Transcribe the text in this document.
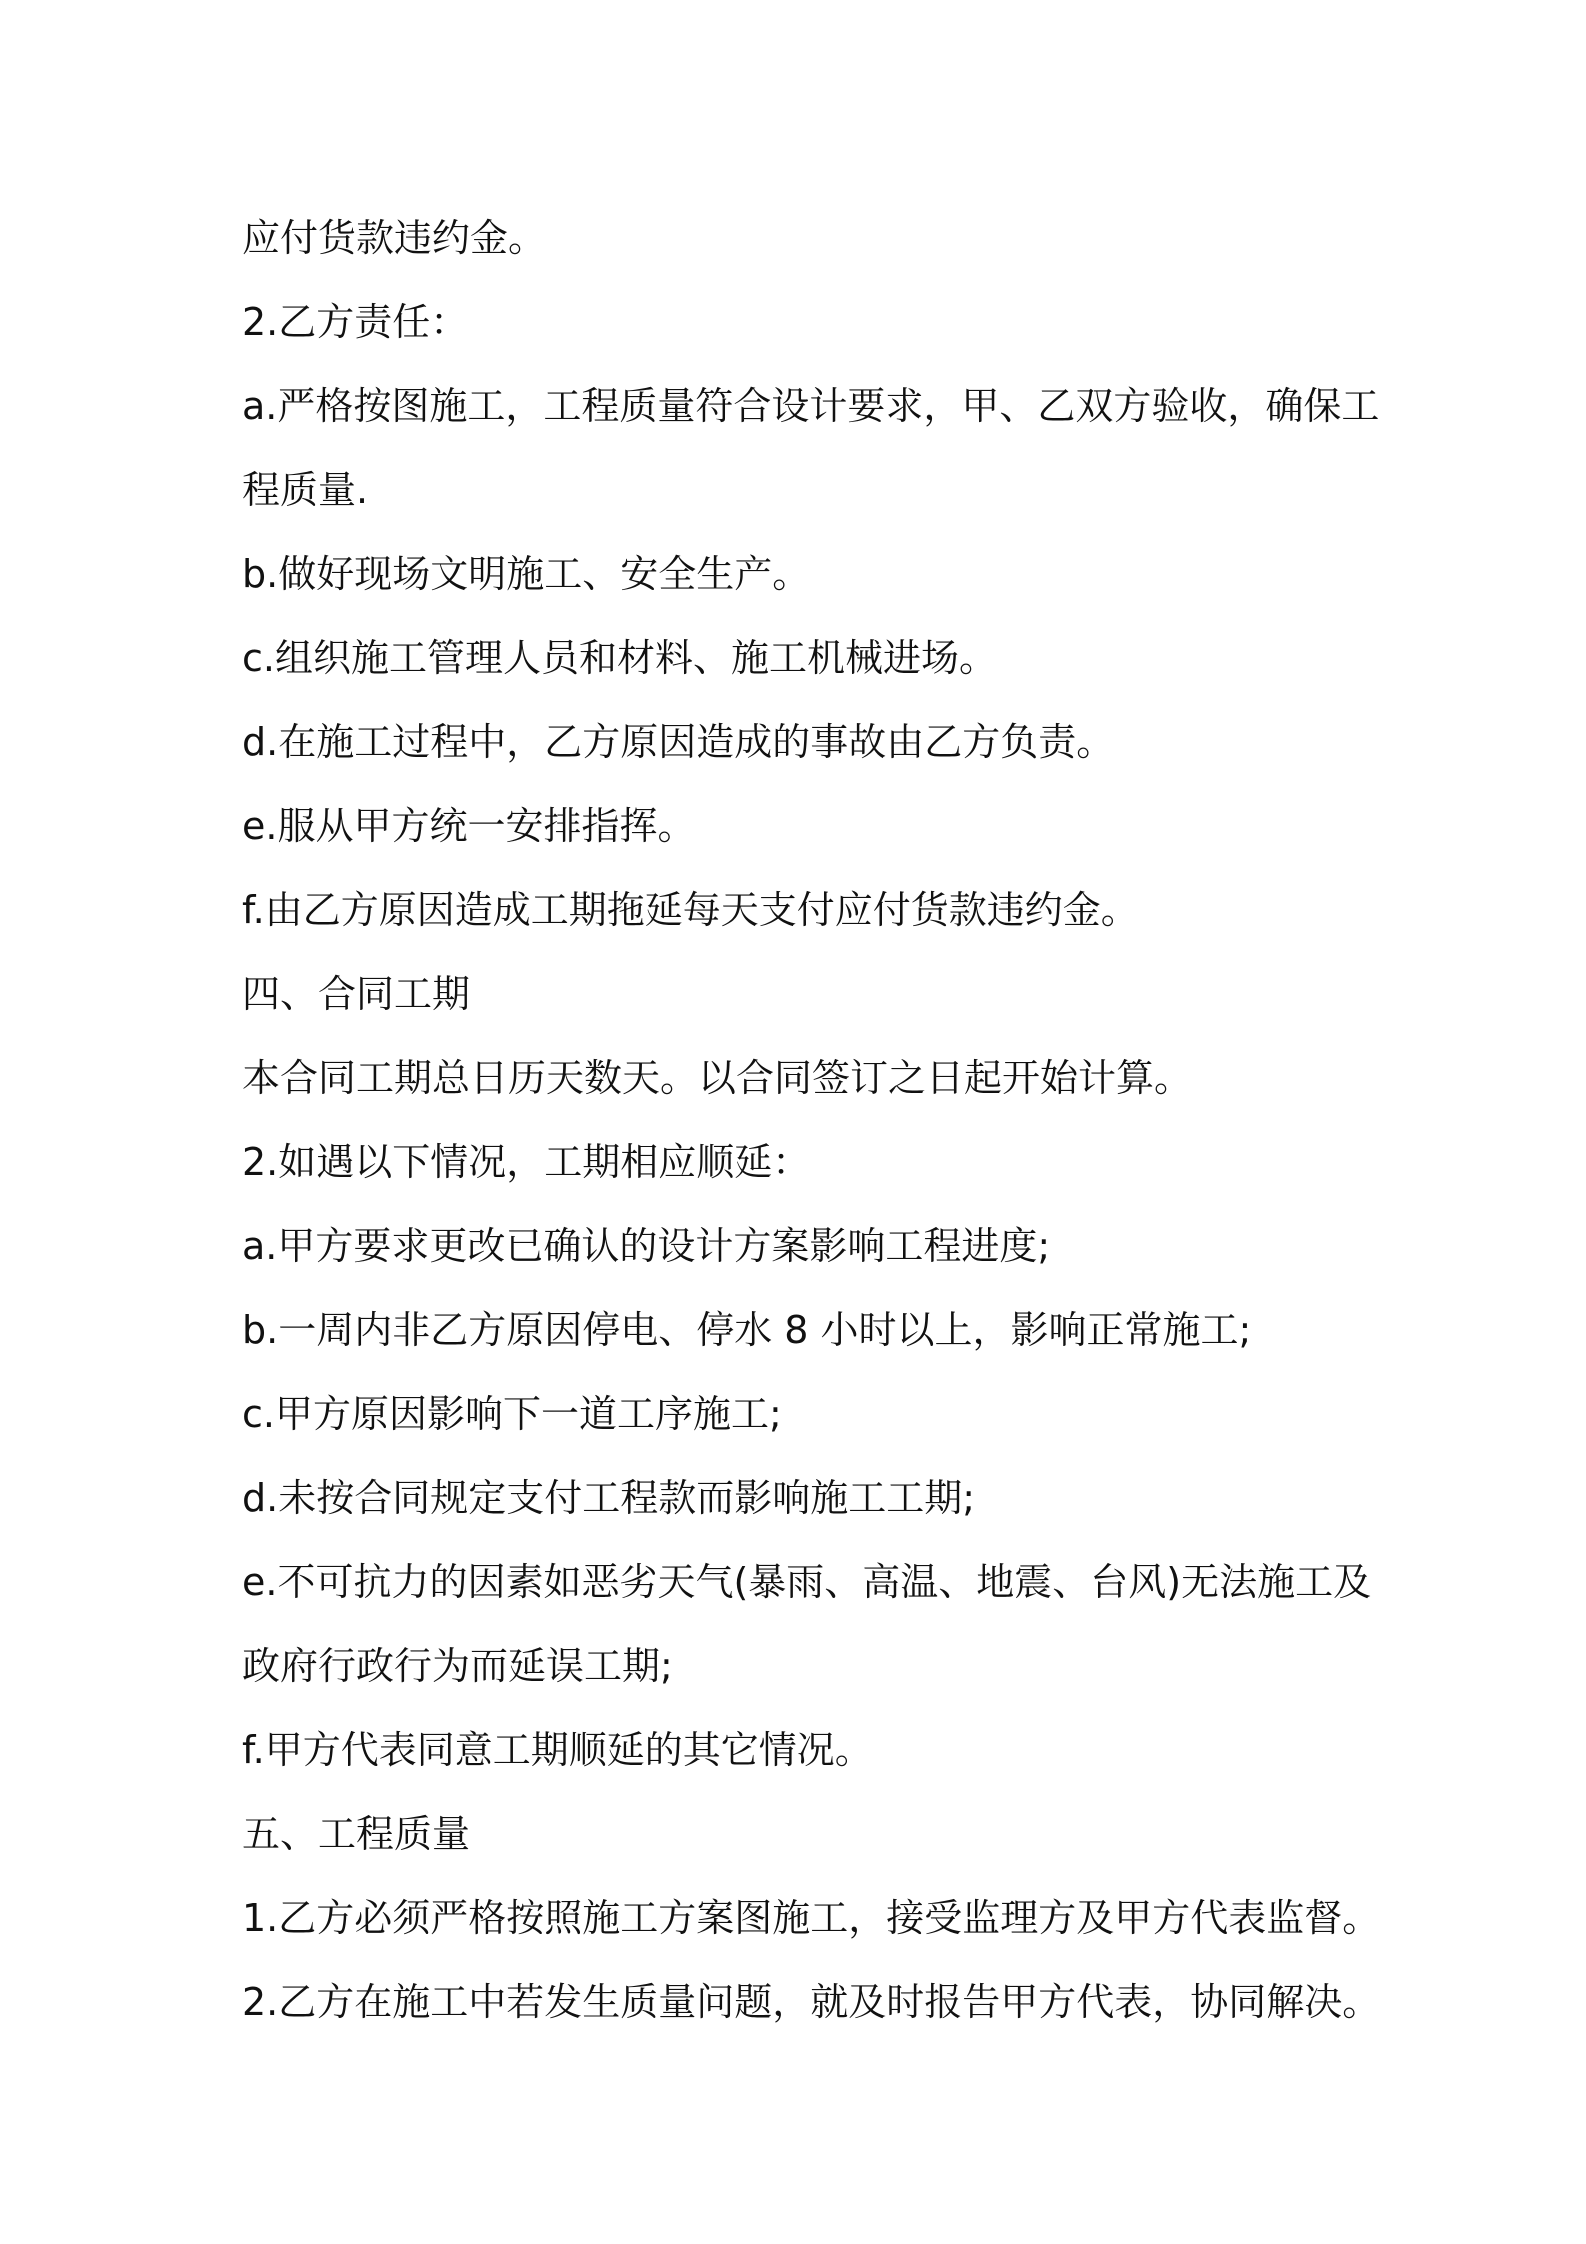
应付货款违约金。
2.乙方责任：
a.严格按图施工，工程质量符合设计要求，甲、乙双方验收，确保工
程质量.
b.做好现场文明施工、安全生产。
c.组织施工管理人员和材料、施工机械进场。
d.在施工过程中，乙方原因造成的事故由乙方负责。
e.服从甲方统一安排指挥。
f.由乙方原因造成工期拖延每天支付应付货款违约金。
四、合同工期
本合同工期总日历天数天。以合同签订之日起开始计算。
2.如遇以下情况，工期相应顺延：
a.甲方要求更改已确认的设计方案影响工程进度;
b.一周内非乙方原因停电、停水 8 小时以上，影响正常施工;
c.甲方原因影响下一道工序施工;
d.未按合同规定支付工程款而影响施工工期;
e.不可抗力的因素如恶劣天气(暴雨、高温、地震、台风)无法施工及
政府行政行为而延误工期;
f.甲方代表同意工期顺延的其它情况。
五、工程质量
1.乙方必须严格按照施工方案图施工，接受监理方及甲方代表监督。
2.乙方在施工中若发生质量问题，就及时报告甲方代表，协同解决。
